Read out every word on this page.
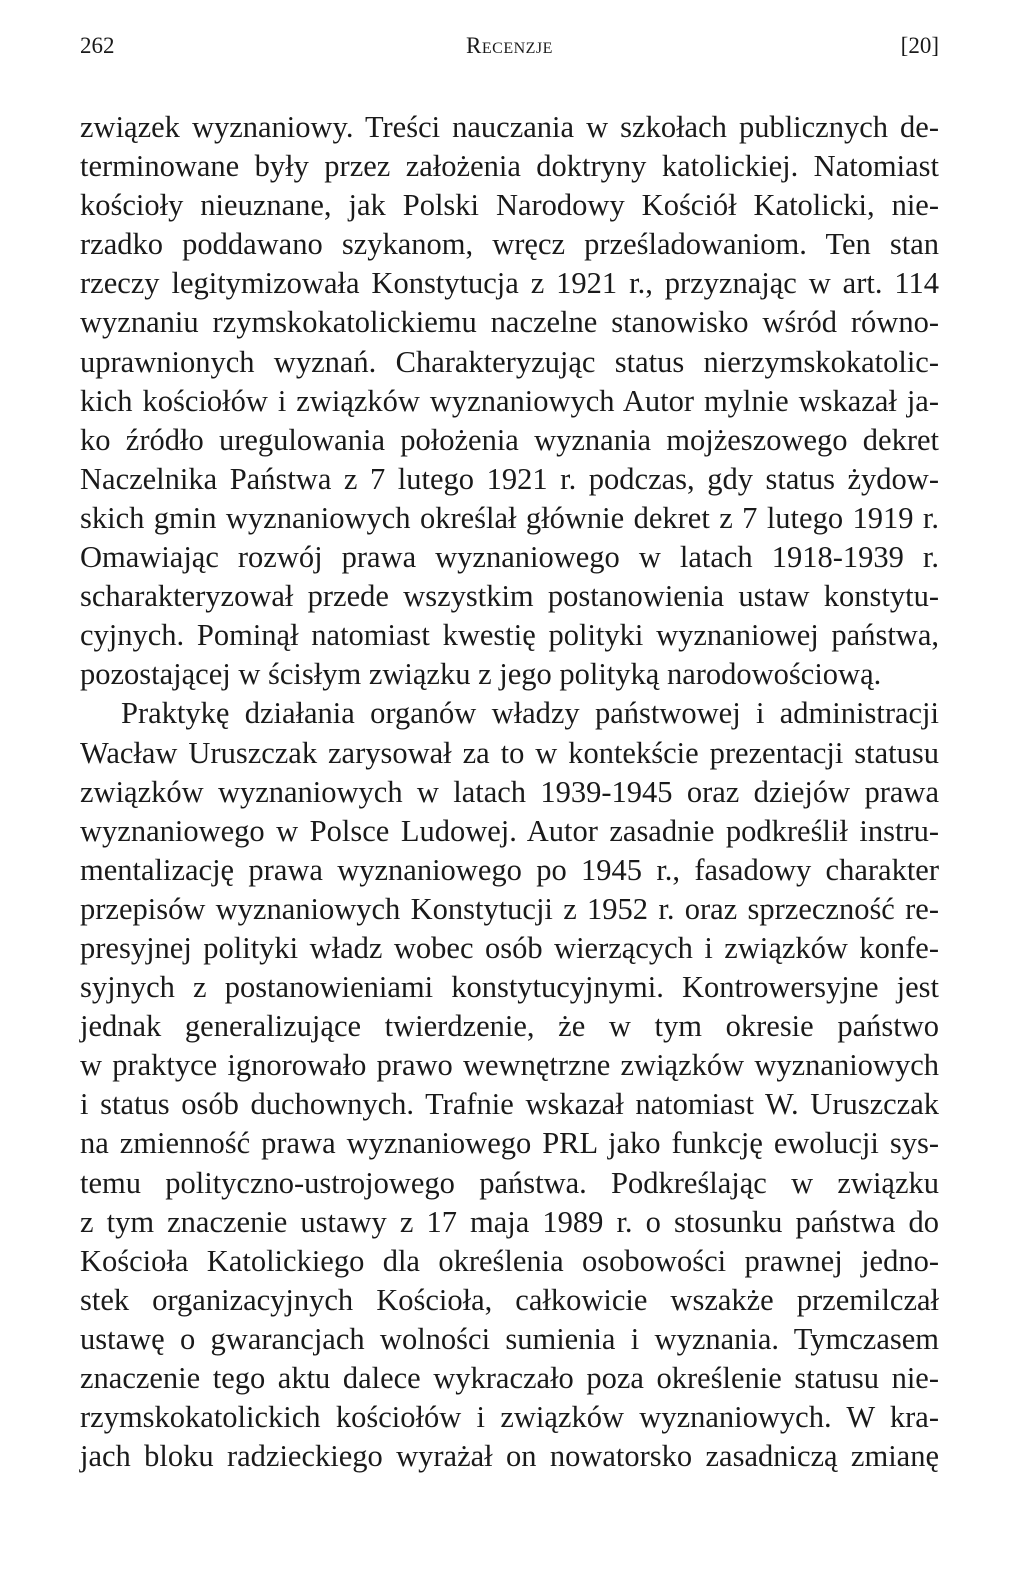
262	Recenzje	[20]
związek wyznaniowy. Treści nauczania w szkołach publicznych de-
terminowane były przez założenia doktryny katolickiej. Natomiast
kościoły nieuznane, jak Polski Narodowy Kościół Katolicki, nie-
rzadko poddawano szykanom, wręcz prześladowaniom. Ten stan
rzeczy legitymizowała Konstytucja z 1921 r., przyznając w art. 114
wyznaniu rzymskokatolickiemu naczelne stanowisko wśród równo-
uprawnionych wyznań. Charakteryzując status nierzymskokatolic-
kich kościołów i związków wyznaniowych Autor mylnie wskazał ja-
ko źródło uregulowania położenia wyznania mojżeszowego dekret
Naczelnika Państwa z 7 lutego 1921 r. podczas, gdy status żydow-
skich gmin wyznaniowych określał głównie dekret z 7 lutego 1919 r.
Omawiając rozwój prawa wyznaniowego w latach 1918-1939 r.
scharakteryzował przede wszystkim postanowienia ustaw konstytu-
cyjnych. Pominął natomiast kwestię polityki wyznaniowej państwa,
pozostającej w ścisłym związku z jego polityką narodowościową.
Praktykę działania organów władzy państwowej i administracji
Wacław Uruszczak zarysował za to w kontekście prezentacji statusu
związków wyznaniowych w latach 1939-1945 oraz dziejów prawa
wyznaniowego w Polsce Ludowej. Autor zasadnie podkreślił instru-
mentalizację prawa wyznaniowego po 1945 r., fasadowy charakter
przepisów wyznaniowych Konstytucji z 1952 r. oraz sprzeczność re-
presyjnej polityki władz wobec osób wierzących i związków konfe-
syjnych z postanowieniami konstytucyjnymi. Kontrowersyjne jest
jednak generalizujące twierdzenie, że w tym okresie państwo
w praktyce ignorowało prawo wewnętrzne związków wyznaniowych
i status osób duchownych. Trafnie wskazał natomiast W. Uruszczak
na zmienność prawa wyznaniowego PRL jako funkcję ewolucji sys-
temu polityczno-ustrojowego państwa. Podkreślając w związku
z tym znaczenie ustawy z 17 maja 1989 r. o stosunku państwa do
Kościoła Katolickiego dla określenia osobowości prawnej jedno-
stek organizacyjnych Kościoła, całkowicie wszakże przemilczał
ustawę o gwarancjach wolności sumienia i wyznania. Tymczasem
znaczenie tego aktu dalece wykraczało poza określenie statusu nie-
rzymskokatolickich kościołów i związków wyznaniowych. W kra-
jach bloku radzieckiego wyrażał on nowatorsko zasadniczą zmianę
